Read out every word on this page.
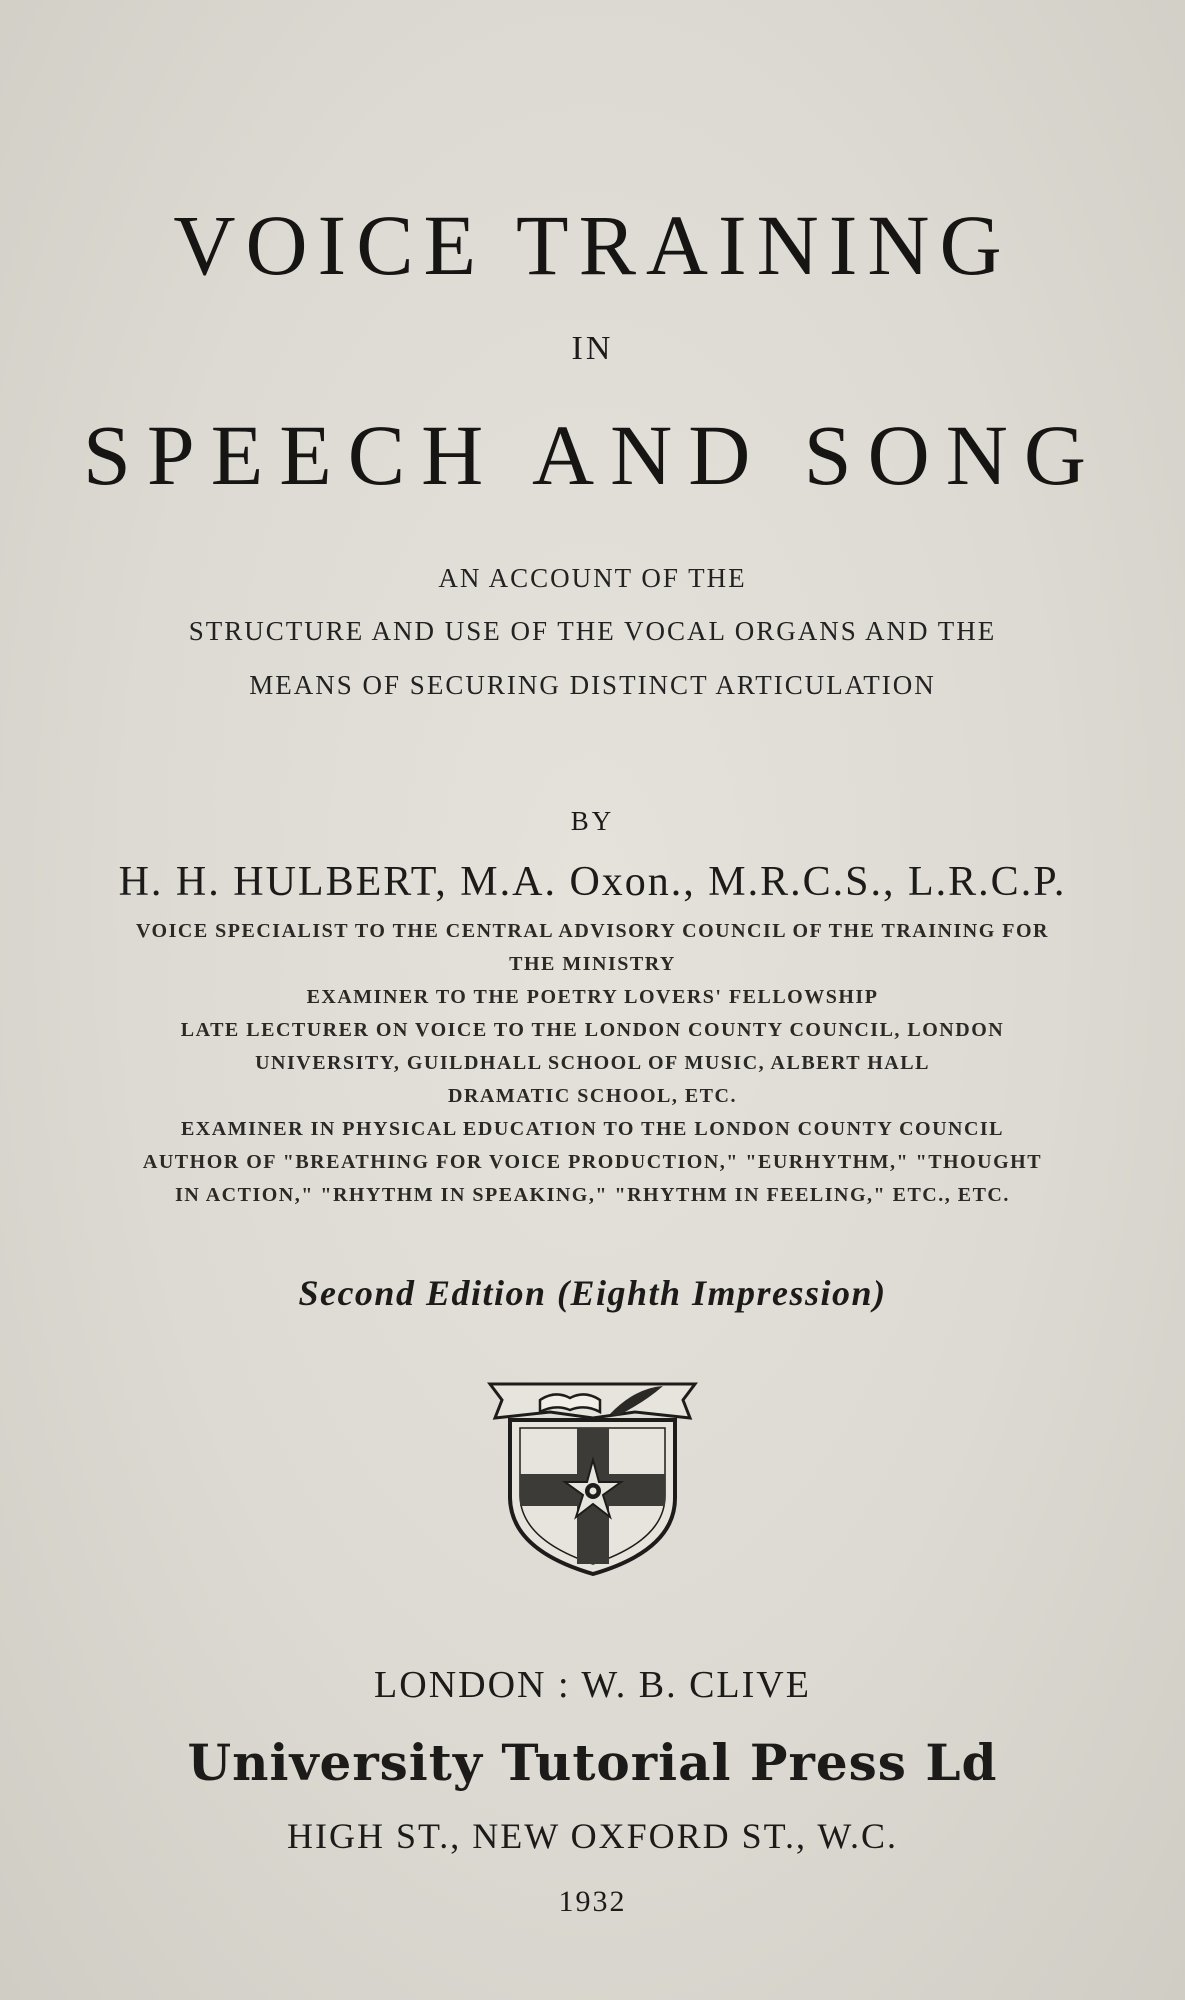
VOICE TRAINING
IN
SPEECH AND SONG
AN ACCOUNT OF THE
STRUCTURE AND USE OF THE VOCAL ORGANS AND THE
MEANS OF SECURING DISTINCT ARTICULATION
BY
H. H. HULBERT, M.A. Oxon., M.R.C.S., L.R.C.P.
VOICE SPECIALIST TO THE CENTRAL ADVISORY COUNCIL OF THE TRAINING FOR
THE MINISTRY
EXAMINER TO THE POETRY LOVERS' FELLOWSHIP
LATE LECTURER ON VOICE TO THE LONDON COUNTY COUNCIL, LONDON
UNIVERSITY, GUILDHALL SCHOOL OF MUSIC, ALBERT HALL
DRAMATIC SCHOOL, ETC.
EXAMINER IN PHYSICAL EDUCATION TO THE LONDON COUNTY COUNCIL
AUTHOR OF "BREATHING FOR VOICE PRODUCTION," "EURHYTHM," "THOUGHT
IN ACTION," "RHYTHM IN SPEAKING," "RHYTHM IN FEELING," ETC., ETC.
Second Edition (Eighth Impression)
LONDON : W. B. CLIVE
University Tutorial Press Ld
HIGH ST., NEW OXFORD ST., W.C.
1932
